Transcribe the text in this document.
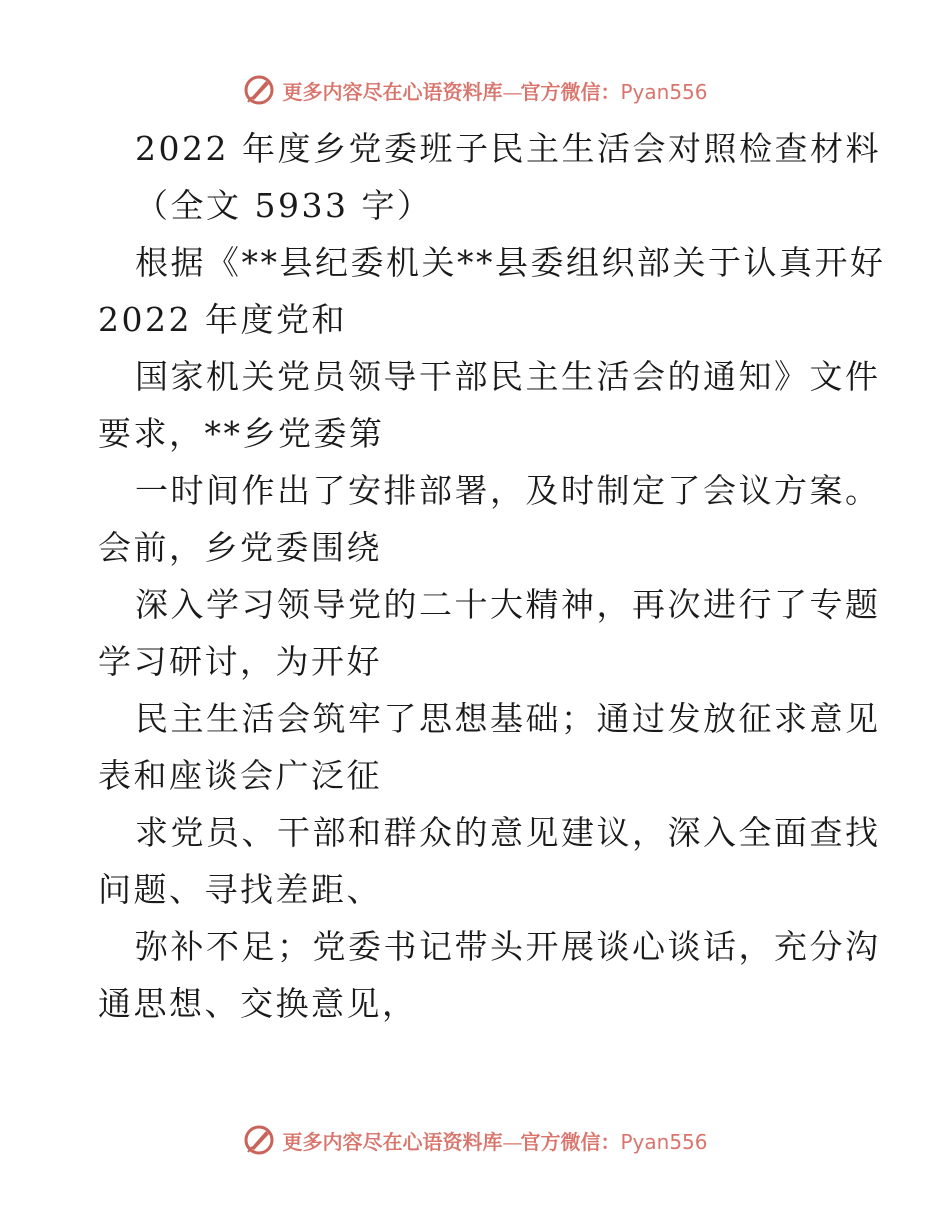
更多内容尽在心语资料库—官方微信：Pyan556
2022 年度乡党委班子民主生活会对照检查材料
（全文 5933 字）
根据《**县纪委机关**县委组织部关于认真开好
2022 年度党和
国家机关党员领导干部民主生活会的通知》文件
要求，**乡党委第
一时间作出了安排部署，及时制定了会议方案。
会前，乡党委围绕
深入学习领导党的二十大精神，再次进行了专题
学习研讨，为开好
民主生活会筑牢了思想基础；通过发放征求意见
表和座谈会广泛征
求党员、干部和群众的意见建议，深入全面查找
问题、寻找差距、
弥补不足；党委书记带头开展谈心谈话，充分沟
通思想、交换意见，
更多内容尽在心语资料库—官方微信：Pyan556
